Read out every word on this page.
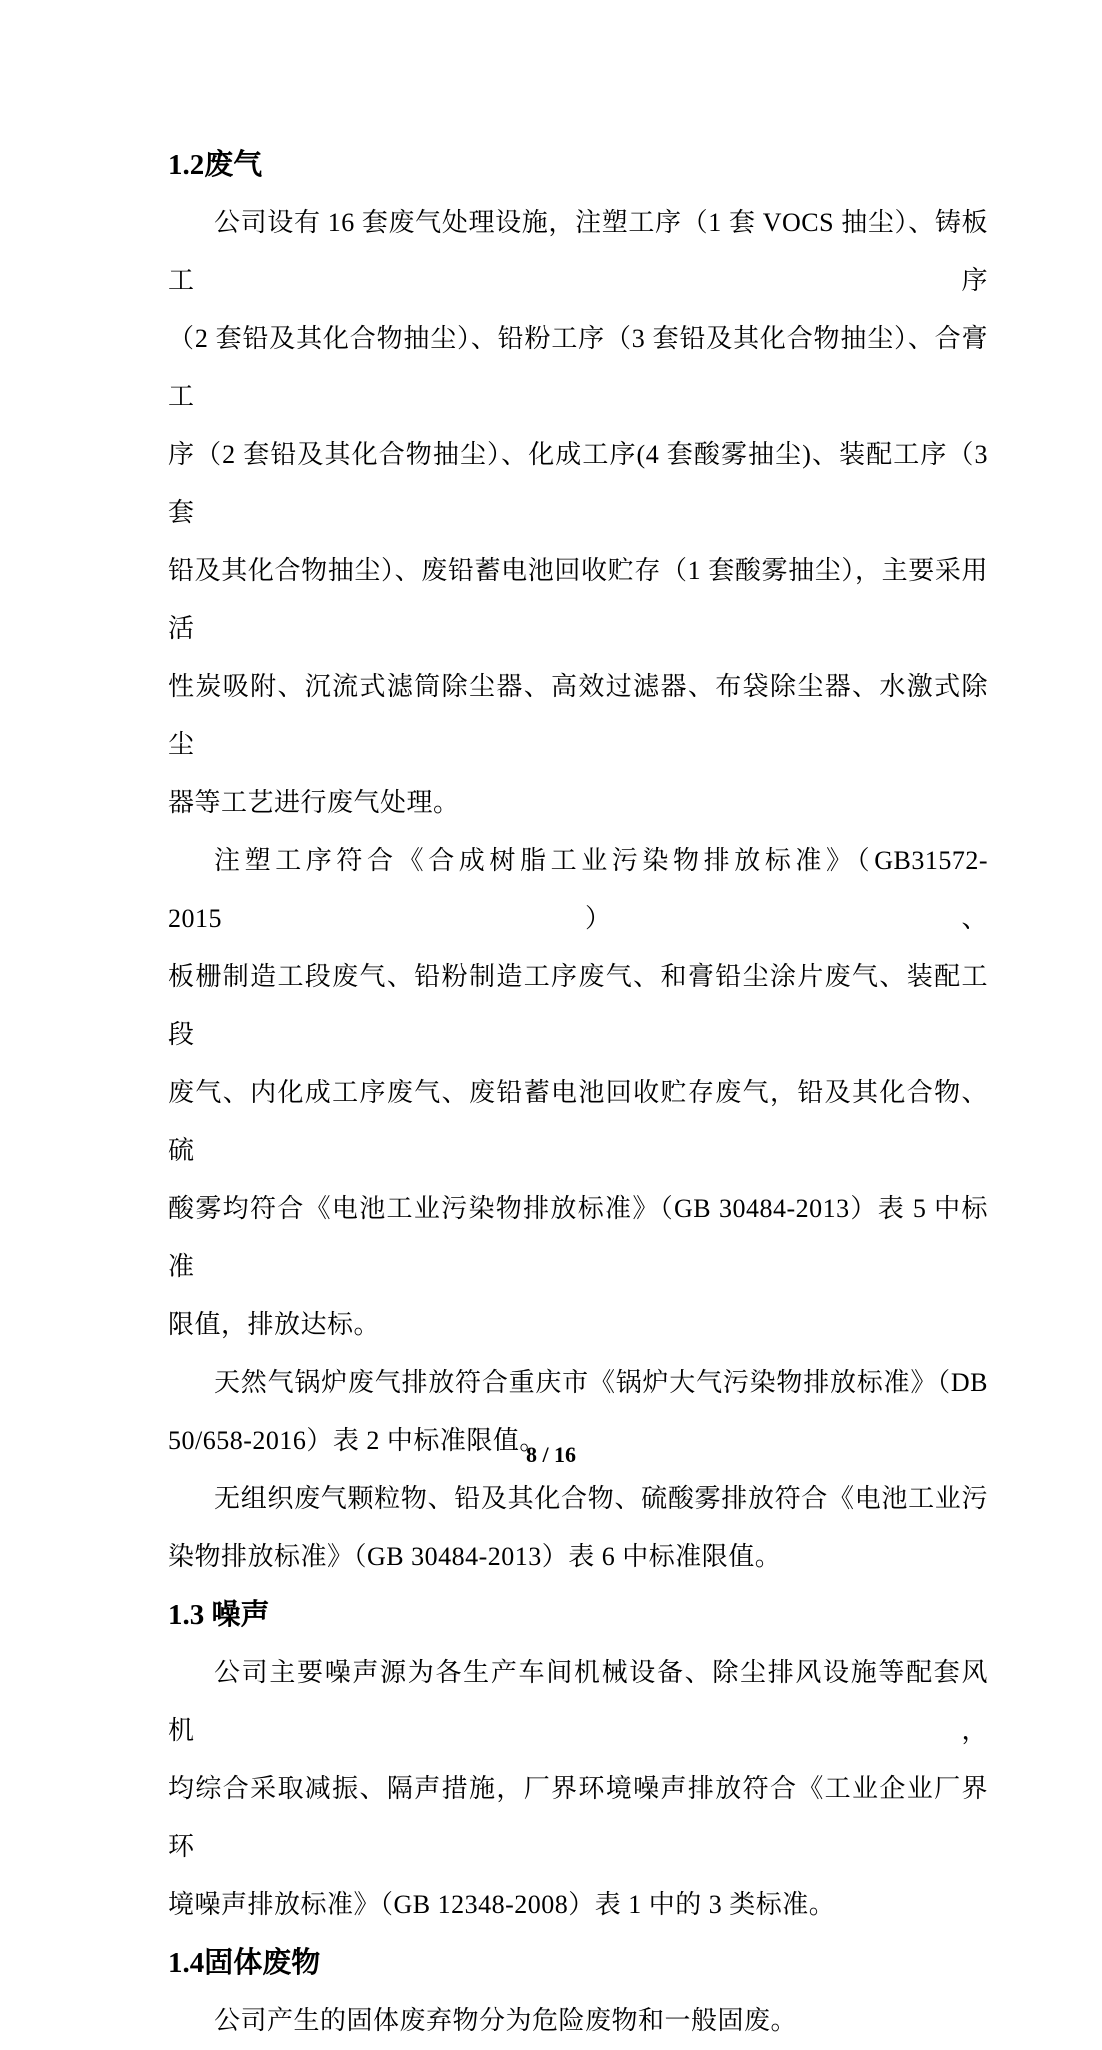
1.2废气
公司设有 16 套废气处理设施，注塑工序（1 套 VOCS 抽尘）、铸板工序
（2 套铅及其化合物抽尘）、铅粉工序（3 套铅及其化合物抽尘）、合膏工
序（2 套铅及其化合物抽尘）、化成工序(4 套酸雾抽尘)、装配工序（3 套
铅及其化合物抽尘）、废铅蓄电池回收贮存（1 套酸雾抽尘），主要采用活
性炭吸附、沉流式滤筒除尘器、高效过滤器、布袋除尘器、水激式除尘
器等工艺进行废气处理。
注塑工序符合《合成树脂工业污染物排放标准》（GB31572-2015）、
板栅制造工段废气、铅粉制造工序废气、和膏铅尘涂片废气、装配工段
废气、内化成工序废气、废铅蓄电池回收贮存废气，铅及其化合物、硫
酸雾均符合《电池工业污染物排放标准》（GB 30484-2013）表 5 中标准
限值，排放达标。
天然气锅炉废气排放符合重庆市《锅炉大气污染物排放标准》（DB
50/658-2016）表 2 中标准限值。
无组织废气颗粒物、铅及其化合物、硫酸雾排放符合《电池工业污
染物排放标准》（GB 30484-2013）表 6 中标准限值。
1.3 噪声
公司主要噪声源为各生产车间机械设备、除尘排风设施等配套风机，
均综合采取减振、隔声措施，厂界环境噪声排放符合《工业企业厂界环
境噪声排放标准》（GB 12348-2008）表 1 中的 3 类标准。
1.4固体废物
公司产生的固体废弃物分为危险废物和一般固废。
8 / 16
